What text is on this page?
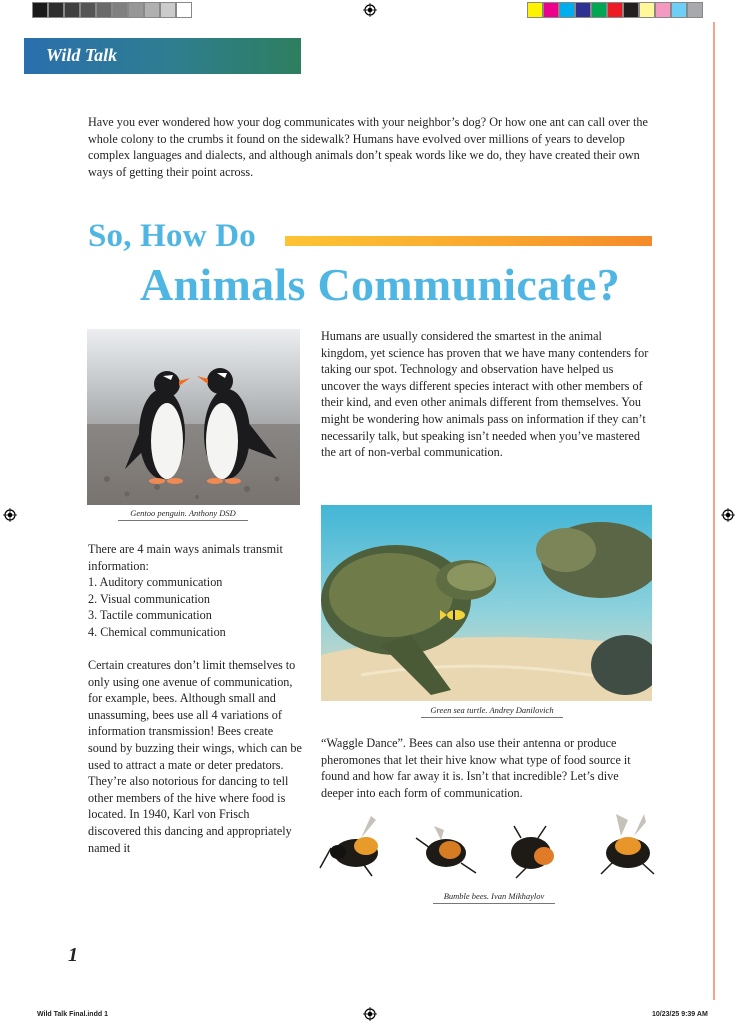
Wild Talk

Have you ever wondered how your dog communicates with your neighbor’s dog? Or how one ant can call over the whole colony to the crumbs it found on the sidewalk? Humans have evolved over millions of years to develop complex languages and dialects, and although animals don’t speak words like we do, they have created their own ways of getting their point across.

So, How Do
Animals Communicate?
Gentoo penguin. Anthony DSD

Humans are usually considered the smartest in the animal kingdom, yet science has proven that we have many contenders for taking our spot. Technology and observation have helped us uncover the ways different species interact with other members of their kind, and even other animals different from themselves. You might be wondering how animals pass on information if they can’t necessarily talk, but speaking isn’t needed when you’ve mastered the art of non-verbal communication.

There are 4 main ways animals transmit information:
1. Auditory communication
2. Visual communication
3. Tactile communication
4. Chemical communication

Certain creatures don’t limit themselves to only using one avenue of communication, for example, bees. Although small and unassuming, bees use all 4 variations of information transmission! Bees create sound by buzzing their wings, which can be used to attract a mate or deter predators. They’re also notorious for dancing to tell other members of the hive where food is located. In 1940, Karl von Frisch discovered this dancing and appropriately named it

Green sea turtle. Andrey Danilovich

“Waggle Dance”. Bees can also use their antenna or produce pheromones that let their hive know what type of food source it found and how far away it is. Isn’t that incredible? Let’s dive deeper into each form of communication.

Bumble bees. Ivan Mikhaylov
1
Wild Talk Final.indd 1	10/23/25 9:39 AM
